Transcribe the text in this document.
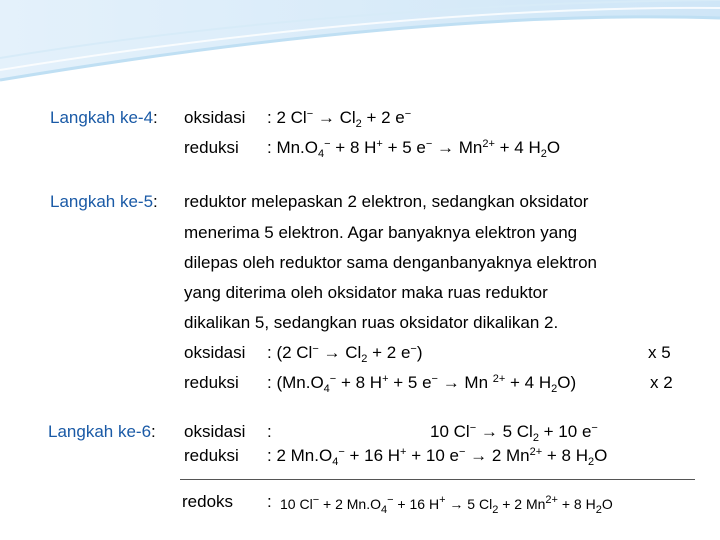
Langkah ke-4: oksidasi : 2 $Cl^- \to Cl_2 + 2$ e−
reduksi : $Mn.O_4^- + 8$ H+ + 5 $e^- \to Mn^{2+} + 4$ $H_2O$
Langkah ke-5: reduktor melepaskan 2 elektron, sedangkan oksidator
menerima 5 elektron. Agar banyaknya elektron yang
dilepas oleh reduktor sama denganbanyaknya elektron
yang diterima oleh oksidator maka ruas reduktor
dikalikan 5, sedangkan ruas oksidator dikalikan 2.
oksidasi : (2 $Cl^- \to Cl_2 + 2$ e−)	x 5
reduksi : ($Mn.O_4^- + 8$ H+ + 5 e− → Mn $^{2+}$ + 4 $H_2O$)	x 2
Langkah ke-6: oksidasi :	10 Cl− → 5 $Cl_2 + 10$ e−
reduksi : 2 $Mn.O_4^- + 16$ H+ + 10 e− → 2 $Mn^{2+} + 8$ $H_2O$
redoks : 10 Cl− + 2 $Mn.O_4^- + 16$ H+ → 5 $Cl_2 + 2$ $Mn^{2+} + 8$ $H_2O$
